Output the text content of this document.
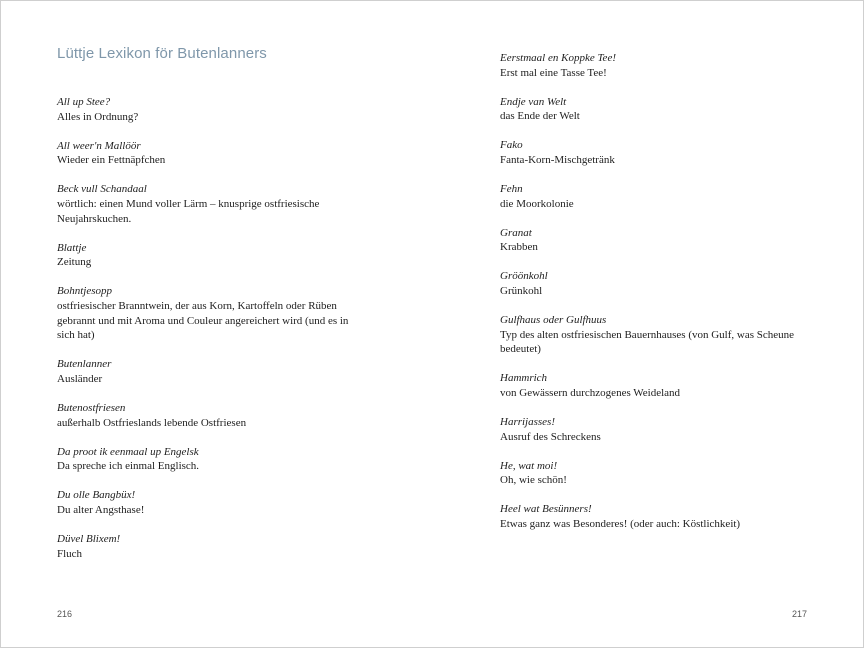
Lüttje Lexikon för Butenlanners
All up Stee?
Alles in Ordnung?
All weer'n Mallöör
Wieder ein Fettnäpfchen
Beck vull Schandaal
wörtlich: einen Mund voller Lärm – knusprige ostfriesische Neujahrskuchen.
Blattje
Zeitung
Bohntjesopp
ostfriesischer Branntwein, der aus Korn, Kartoffeln oder Rüben gebrannt und mit Aroma und Couleur angereichert wird (und es in sich hat)
Butenlanner
Ausländer
Butenostfriesen
außerhalb Ostfrieslands lebende Ostfriesen
Da proot ik eenmaal up Engelsk
Da spreche ich einmal Englisch.
Du olle Bangbüx!
Du alter Angsthase!
Düvel Blixem!
Fluch
216
Eerstmaal en Koppke Tee!
Erst mal eine Tasse Tee!
Endje van Welt
das Ende der Welt
Fako
Fanta-Korn-Mischgetränk
Fehn
die Moorkolonie
Granat
Krabben
Gröönkohl
Grünkohl
Gulfhaus oder Gulfhuus
Typ des alten ostfriesischen Bauernhauses (von Gulf, was Scheune bedeutet)
Hammrich
von Gewässern durchzogenes Weideland
Harrijasses!
Ausruf des Schreckens
He, wat moi!
Oh, wie schön!
Heel wat Besünners!
Etwas ganz was Besonderes! (oder auch: Köstlichkeit)
217
